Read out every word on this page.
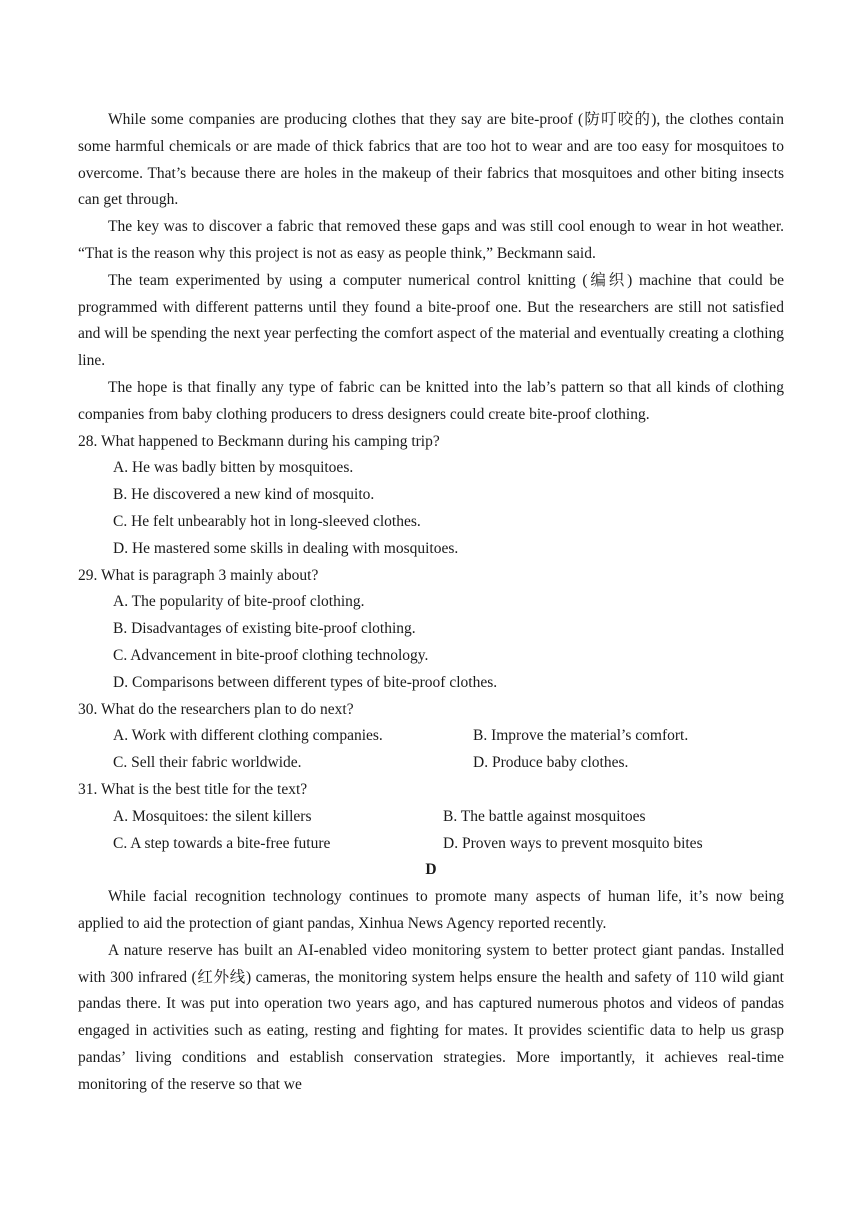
While some companies are producing clothes that they say are bite-proof (防叮咬的), the clothes contain some harmful chemicals or are made of thick fabrics that are too hot to wear and are too easy for mosquitoes to overcome. That’s because there are holes in the makeup of their fabrics that mosquitoes and other biting insects can get through.

The key was to discover a fabric that removed these gaps and was still cool enough to wear in hot weather. “That is the reason why this project is not as easy as people think,” Beckmann said.

The team experimented by using a computer numerical control knitting (编织) machine that could be programmed with different patterns until they found a bite-proof one. But the researchers are still not satisfied and will be spending the next year perfecting the comfort aspect of the material and eventually creating a clothing line.

The hope is that finally any type of fabric can be knitted into the lab’s pattern so that all kinds of clothing companies from baby clothing producers to dress designers could create bite-proof clothing.

28. What happened to Beckmann during his camping trip?

A. He was badly bitten by mosquitoes.

B. He discovered a new kind of mosquito.

C. He felt unbearably hot in long-sleeved clothes.

D. He mastered some skills in dealing with mosquitoes.

29. What is paragraph 3 mainly about?

A. The popularity of bite-proof clothing.

B. Disadvantages of existing bite-proof clothing.

C. Advancement in bite-proof clothing technology.

D. Comparisons between different types of bite-proof clothes.

30. What do the researchers plan to do next?

A. Work with different clothing companies.	B. Improve the material’s comfort.
C. Sell their fabric worldwide.	D. Produce baby clothes.

31. What is the best title for the text?

A. Mosquitoes: the silent killers	B. The battle against mosquitoes
C. A step towards a bite-free future	D. Proven ways to prevent mosquito bites

D

While facial recognition technology continues to promote many aspects of human life, it’s now being applied to aid the protection of giant pandas, Xinhua News Agency reported recently.

A nature reserve has built an AI-enabled video monitoring system to better protect giant pandas. Installed with 300 infrared (红外线) cameras, the monitoring system helps ensure the health and safety of 110 wild giant pandas there. It was put into operation two years ago, and has captured numerous photos and videos of pandas engaged in activities such as eating, resting and fighting for mates. It provides scientific data to help us grasp pandas’ living conditions and establish conservation strategies. More importantly, it achieves real-time monitoring of the reserve so that we
